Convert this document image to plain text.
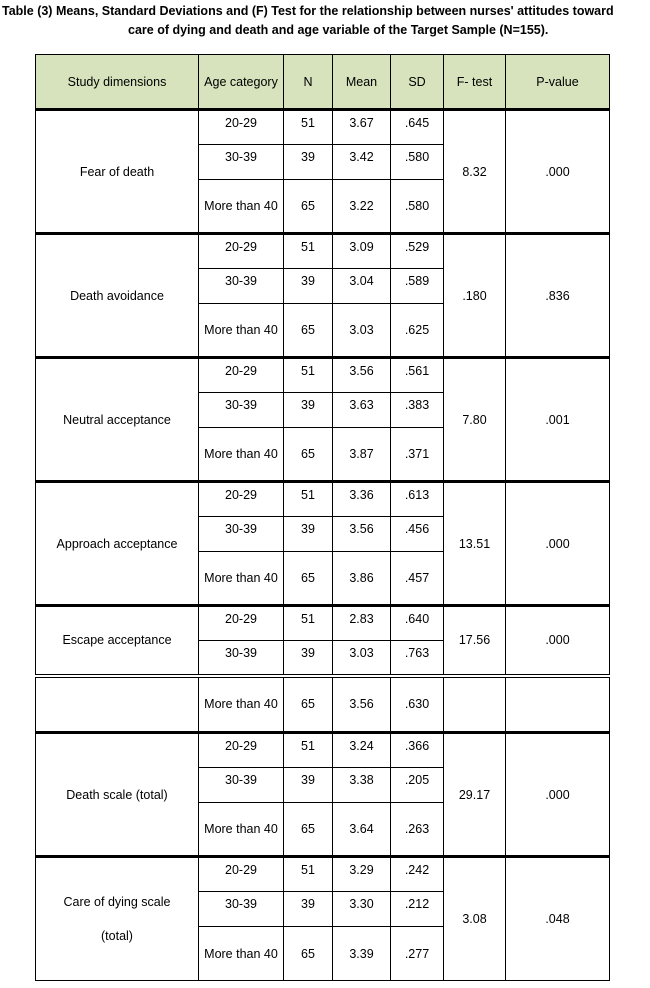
Table (3) Means, Standard Deviations and (F) Test for the relationship between nurses' attitudes toward
care of dying and death and age variable of the Target Sample (N=155).
Study dimensions	Age category	N	Mean	SD	F- test	P-value
Fear of death	20-29	51	3.67	.645	8.32	.000
	30-39	39	3.42	.580		
	More than 40	65	3.22	.580		
Death avoidance	20-29	51	3.09	.529	.180	.836
	30-39	39	3.04	.589		
	More than 40	65	3.03	.625		
Neutral acceptance	20-29	51	3.56	.561	7.80	.001
	30-39	39	3.63	.383		
	More than 40	65	3.87	.371		
Approach acceptance	20-29	51	3.36	.613	13.51	.000
	30-39	39	3.56	.456		
	More than 40	65	3.86	.457		
Escape acceptance	20-29	51	2.83	.640	17.56	.000
	30-39	39	3.03	.763		
	More than 40	65	3.56	.630		
Death scale (total)	20-29	51	3.24	.366	29.17	.000
	30-39	39	3.38	.205		
	More than 40	65	3.64	.263		
Care of dying scale (total)	20-29	51	3.29	.242	3.08	.048
	30-39	39	3.30	.212		
	More than 40	65	3.39	.277		
